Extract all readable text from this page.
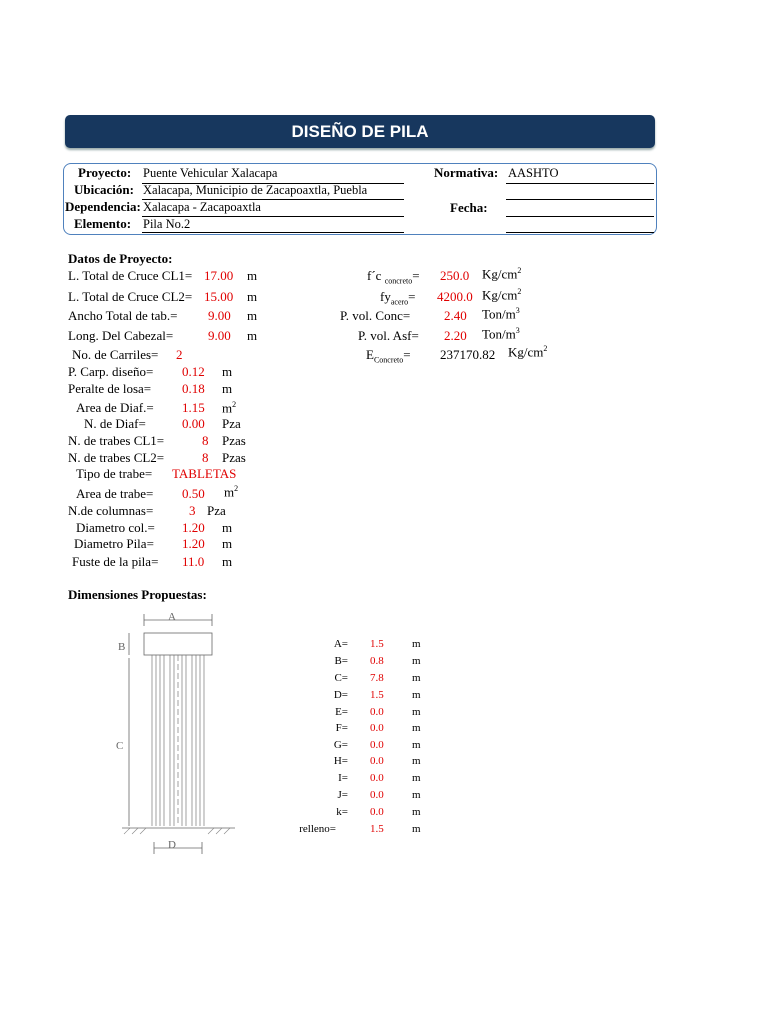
DISEÑO DE PILA
Proyecto: Puente Vehicular Xalacapa
Ubicación: Xalacapa, Municipio de Zacapoaxtla, Puebla
Dependencia: Xalacapa - Zacapoaxtla
Elemento: Pila No.2
Normativa: AASHTO
Fecha:
Datos de Proyecto:
L. Total de Cruce CL1= 17.00 m
L. Total de Cruce CL2= 15.00 m
Ancho Total de tab.= 9.00 m
Long. Del Cabezal=	9.00 m
No. de Carriles= 2
P. Carp. diseño= 0.12 m
Peralte de losa= 0.18 m
Area de Diaf.= 1.15 $m^2$
N. de Diaf=	0.00 Pza
N. de trabes CL1=	8 Pzas
N. de trabes CL2=	8 Pzas
Tipo de trabe= TABLETAS
Area de trabe= 0.50 $m^2$
N.de columnas=	3 Pza
Diametro col.= 1.20 m
Diametro Pila= 1.20 m
Fuste de la pila= 11.0 m
f´c $_{concreto}$= 250.0 $Kg/cm^2$
$fy_{acero}= 4200.0$ $Kg/cm^2$
P. vol. Conc=	2.40 Ton/$m^3$
P. vol. Asf= 2.20 Ton/$m^3$
$E_{Concreto}= 237170.82$ $Kg/cm^2$
Dimensiones Propuestas:
A
B
C
D
A= 1.5	m
B= 0.8	m
C= 7.8	m
D= 1.5	m
E= 0.0	m
F= 0.0	m
G= 0.0	m
H= 0.0	m
I= 0.0	m
J= 0.0	m
k= 0.0	m
relleno=	1.5	m
